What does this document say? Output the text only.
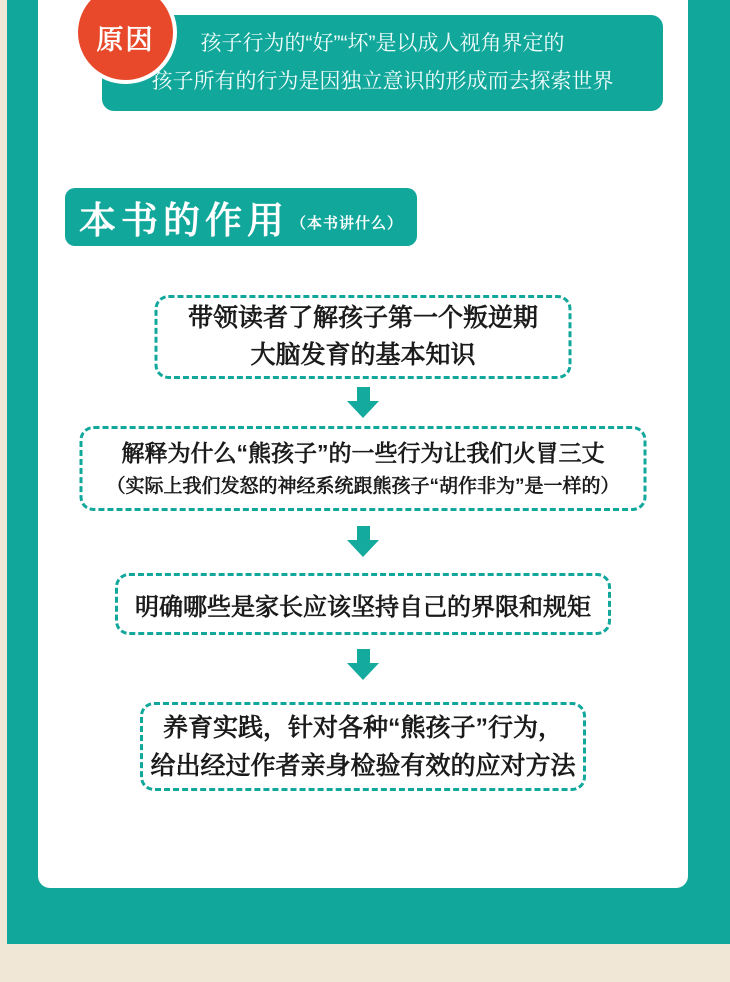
原因 孩子行为的“好”“坏”是以成人视角界定的
孩子所有的行为是因独立意识的形成而去探索世界
本书的作用 （本书讲什么）
带领读者了解孩子第一个叛逆期
大脑发育的基本知识
解释为什么“熊孩子”的一些行为让我们火冒三丈
（实际上我们发怒的神经系统跟熊孩子“胡作非为”是一样的）
明确哪些是家长应该坚持自己的界限和规矩
养育实践，针对各种“熊孩子”行为，
给出经过作者亲身检验有效的应对方法
